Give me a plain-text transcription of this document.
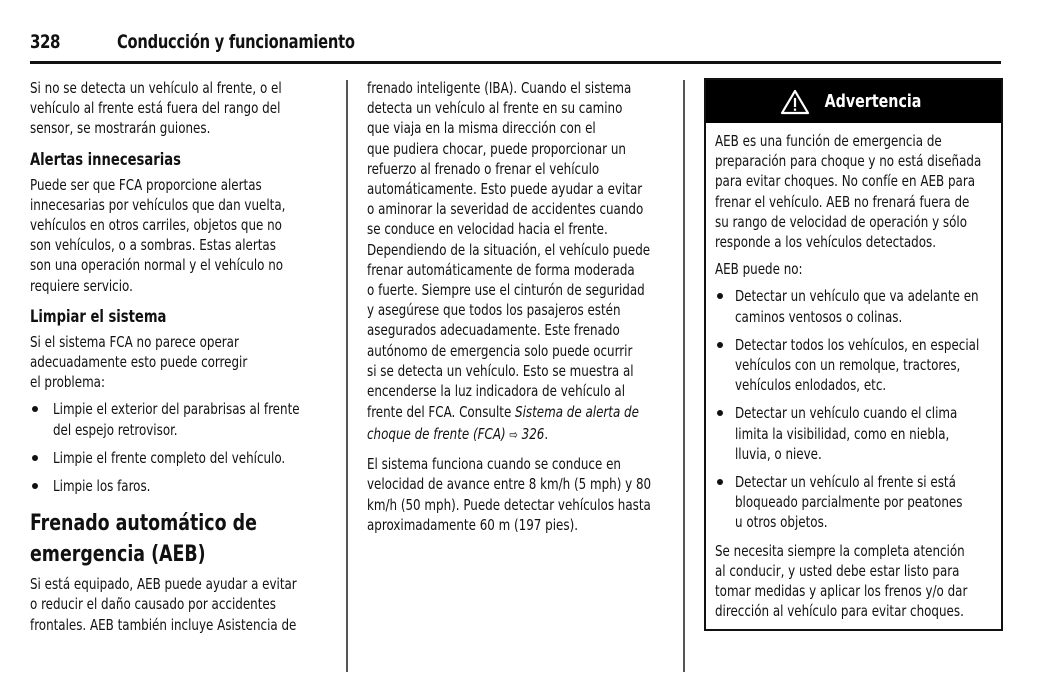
328	Conducción y funcionamiento

Si no se detecta un vehículo al frente, o el
vehículo al frente está fuera del rango del
sensor, se mostrarán guiones.

Alertas innecesarias

Puede ser que FCA proporcione alertas
innecesarias por vehículos que dan vuelta,
vehículos en otros carriles, objetos que no
son vehículos, o a sombras. Estas alertas
son una operación normal y el vehículo no
requiere servicio.

Limpiar el sistema

Si el sistema FCA no parece operar
adecuadamente esto puede corregir
el problema:

Limpie el exterior del parabrisas al frente
del espejo retrovisor.
Limpie el frente completo del vehículo.
Limpie los faros.
Frenado automático de
emergencia (AEB)

Si está equipado, AEB puede ayudar a evitar
o reducir el daño causado por accidentes
frontales. AEB también incluye Asistencia de

frenado inteligente (IBA). Cuando el sistema
detecta un vehículo al frente en su camino
que viaja en la misma dirección con el
que pudiera chocar, puede proporcionar un
refuerzo al frenado o frenar el vehículo
automáticamente. Esto puede ayudar a evitar
o aminorar la severidad de accidentes cuando
se conduce en velocidad hacia el frente.
Dependiendo de la situación, el vehículo puede
frenar automáticamente de forma moderada
o fuerte. Siempre use el cinturón de seguridad
y asegúrese que todos los pasajeros estén
asegurados adecuadamente. Este frenado
autónomo de emergencia solo puede ocurrir
si se detecta un vehículo. Esto se muestra al
encenderse la luz indicadora de vehículo al
frente del FCA. Consulte Sistema de alerta de
choque de frente (FCA) ⇨ 326.

El sistema funciona cuando se conduce en
velocidad de avance entre 8 km/h (5 mph) y 80
km/h (50 mph). Puede detectar vehículos hasta
aproximadamente 60 m (197 pies).

Advertencia

AEB es una función de emergencia de
preparación para choque y no está diseñada
para evitar choques. No confíe en AEB para
frenar el vehículo. AEB no frenará fuera de
su rango de velocidad de operación y sólo
responde a los vehículos detectados.

AEB puede no:

Detectar un vehículo que va adelante en
caminos ventosos o colinas.
Detectar todos los vehículos, en especial
vehículos con un remolque, tractores,
vehículos enlodados, etc.
Detectar un vehículo cuando el clima
limita la visibilidad, como en niebla,
lluvia, o nieve.
Detectar un vehículo al frente si está
bloqueado parcialmente por peatones
u otros objetos.

Se necesita siempre la completa atención
al conducir, y usted debe estar listo para
tomar medidas y aplicar los frenos y/o dar
dirección al vehículo para evitar choques.
